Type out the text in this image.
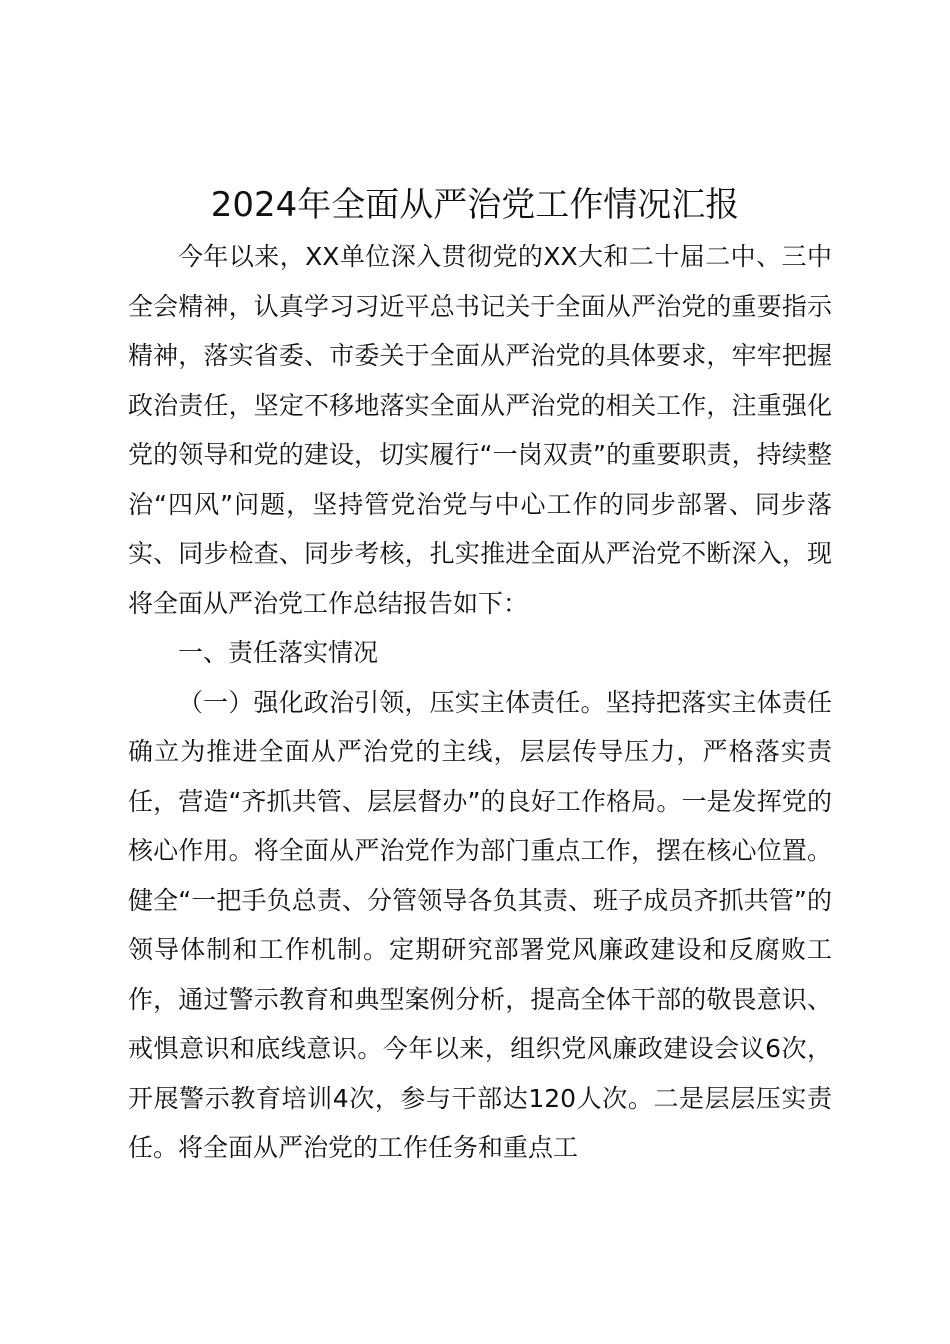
2024年全面从严治党工作情况汇报

今年以来，XX单位深入贯彻党的XX大和二十届二中、三中全会精神，认真学习习近平总书记关于全面从严治党的重要指示精神，落实省委、市委关于全面从严治党的具体要求，牢牢把握政治责任，坚定不移地落实全面从严治党的相关工作，注重强化党的领导和党的建设，切实履行“一岗双责”的重要职责，持续整治“四风”问题，坚持管党治党与中心工作的同步部署、同步落实、同步检查、同步考核，扎实推进全面从严治党不断深入，现将全面从严治党工作总结报告如下：

一、责任落实情况

（一）强化政治引领，压实主体责任。坚持把落实主体责任确立为推进全面从严治党的主线，层层传导压力，严格落实责任，营造“齐抓共管、层层督办”的良好工作格局。一是发挥党的核心作用。将全面从严治党作为部门重点工作，摆在核心位置。健全“一把手负总责、分管领导各负其责、班子成员齐抓共管”的领导体制和工作机制。定期研究部署党风廉政建设和反腐败工作，通过警示教育和典型案例分析，提高全体干部的敬畏意识、戒惧意识和底线意识。今年以来，组织党风廉政建设会议6次，开展警示教育培训4次，参与干部达120人次。二是层层压实责任。将全面从严治党的工作任务和重点工
